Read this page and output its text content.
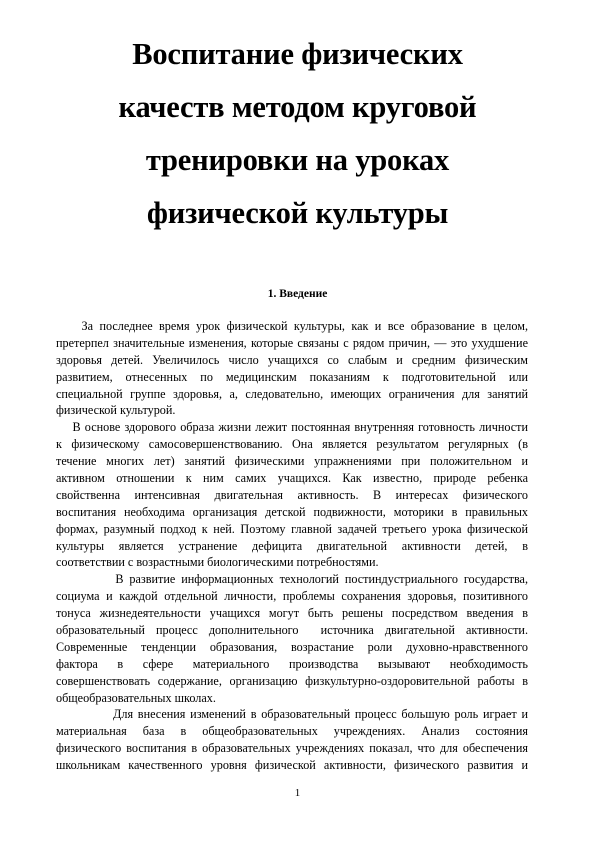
Воспитание физических
качеств методом круговой
тренировки на уроках
физической культуры
1. Введение
За последнее время урок физической культуры, как и все образование в целом,
претерпел значительные изменения, которые связаны с рядом причин, — это ухудшение
здоровья детей. Увеличилось число учащихся со слабым и средним физическим
развитием, отнесенных по медицинским показаниям к подготовительной или
специальной группе здоровья, а, следовательно, имеющих ограничения для занятий
физической культурой.
В основе здорового образа жизни лежит постоянная внутренняя готовность личности
к физическому самосовершенствованию. Она является результатом регулярных (в
течение многих лет) занятий физическими упражнениями при положительном и
активном отношении к ним самих учащихся. Как известно, природе ребенка
свойственна интенсивная двигательная активность. В интересах физического
воспитания необходима организация детской подвижности, моторики в правильных
формах, разумный подход к ней. Поэтому главной задачей третьего урока физической
культуры является устранение дефицита двигательной активности детей, в
соответствии с возрастными биологическими потребностями.
В развитие информационных технологий постиндустриального государства,
социума и каждой отдельной личности, проблемы сохранения здоровья, позитивного
тонуса жизнедеятельности учащихся могут быть решены посредством введения в
образовательный процесс дополнительного  источника двигательной активности.
Современные тенденции образования, возрастание роли духовно-нравственного
фактора в сфере материального производства вызывают необходимость
совершенствовать содержание, организацию физкультурно-оздоровительной работы в
общеобразовательных школах.
Для внесения изменений в образовательный процесс большую роль играет и
материальная база в общеобразовательных учреждениях. Анализ состояния
физического воспитания в образовательных учреждениях показал, что для обеспечения
школьникам качественного уровня физической активности, физического развития и
1
